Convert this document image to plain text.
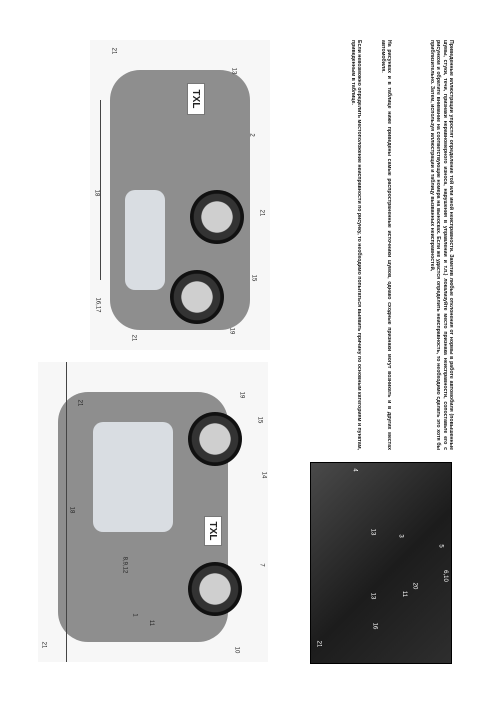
TXL
8,9,12
1
11
21
10
18
21
19
15
14
7
TXL
21
13
2
21
18
16,17
15
21
19	Приведенные иллюстрации упростят определение той или иной неисправности. Заметив любые отклонения от нормы в работе автомобиля (повышенные шумы, стуки, течи, признаки неравномерного износа, нарушения в управлении и т.п.) локализуйте место признака неисправности, сопоставьте его с рисунком и обратите внимание на соответствующие номера на выносках. Если же удастся определить неисправность, то необходимо сделать это хотя бы приблизительно. Затем, используя иллюстрации и таблицу вызванных неисправностей,
На рисунках и в таблице ниже приведены самые распространенные источники шумов, однако сходные признаки могут возникать и в других местах автомобиля.
Если невозможно определить местоположение неисправности по рисунку, то необходимо попытаться выявить причину по основным категориям и пунктам, приведенным в таблице.
21
4
13
3
13
16
20
11
5
6,10
